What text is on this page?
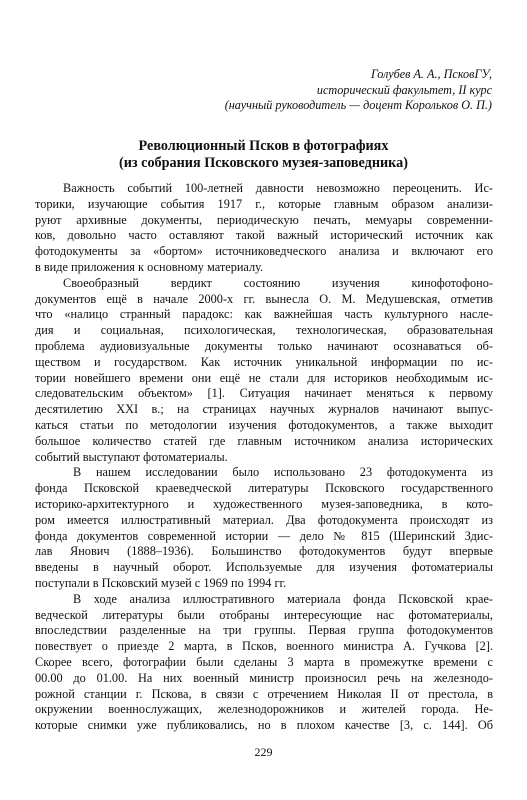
Голубев А. А., ПсковГУ,
исторический факультет, II курс
(научный руководитель — доцент Корольков О. П.)
Революционный Псков в фотографиях
(из собрания Псковского музея-заповедника)
Важность событий 100-летней давности невозможно переоценить. Ис-
торики, изучающие события 1917 г., которые главным образом анализи-
руют архивные документы, периодическую печать, мемуары современни-
ков, довольно часто оставляют такой важный исторический источник как
фотодокументы за «бортом» источниковедческого анализа и включают его
в виде приложения к основному материалу.
Своеобразный вердикт состоянию изучения кинофотофоно-
документов ещё в начале 2000-х гг. вынесла О. М. Медушевская, отметив
что «налицо странный парадокс: как важнейшая часть культурного насле-
дия и социальная, психологическая, технологическая, образовательная
проблема аудиовизуальные документы только начинают осознаваться об-
ществом и государством. Как источник уникальной информации по ис-
тории новейшего времени они ещё не стали для историков необходимым ис-
следовательским объектом» [1]. Ситуация начинает меняться к первому
десятилетию XXI в.; на страницах научных журналов начинают выпус-
каться статьи по методологии изучения фотодокументов, а также выходит
большое количество статей где главным источником анализа исторических
событий выступают фотоматериалы.
В нашем исследовании было использовано 23 фотодокумента из
фонда Псковской краеведческой литературы Псковского государственного
историко-архитектурного и художественного музея-заповедника, в кото-
ром имеется иллюстративный материал. Два фотодокумента происходят из
фонда документов современной истории — дело № 815 (Шеринский Здис-
лав Янович (1888–1936). Большинство фотодокументов будут впервые
введены в научный оборот. Используемые для изучения фотоматериалы
поступали в Псковский музей с 1969 по 1994 гг.
В ходе анализа иллюстративного материала фонда Псковской крае-
ведческой литературы были отобраны интересующие нас фотоматериалы,
впоследствии разделенные на три группы. Первая группа фотодокументов
повествует о приезде 2 марта, в Псков, военного министра А. Гучкова [2].
Скорее всего, фотографии были сделаны 3 марта в промежутке времени с
00.00 до 01.00. На них военный министр произносил речь на железнодо-
рожной станции г. Пскова, в связи с отречением Николая II от престола, в
окружении военнослужащих, железнодорожников и жителей города. Не-
которые снимки уже публиковались, но в плохом качестве [3, с. 144]. Об
229
